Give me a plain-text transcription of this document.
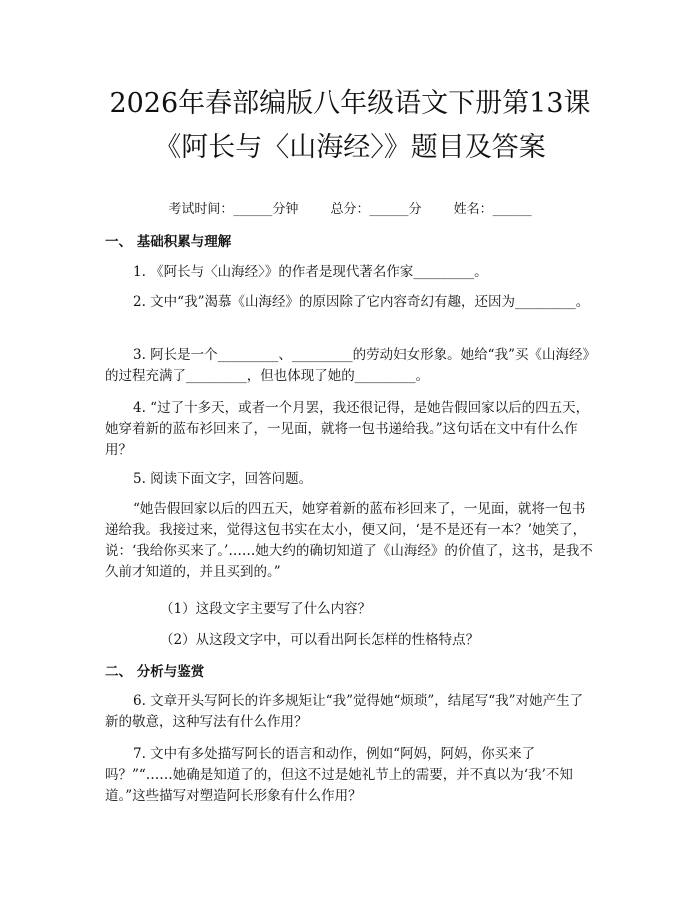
2026年春部编版八年级语文下册第13课
《阿长与〈山海经〉》题目及答案
考试时间：______分钟 总分：______分 姓名：______
一、 基础积累与理解

1. 《阿长与〈山海经〉》的作者是现代著名作家_________。

2. 文中“我”渴慕《山海经》的原因除了它内容奇幻有趣，还因为_________。

3. 阿长是一个_________、_________的劳动妇女形象。她给“我”买《山海经》的过程充满了_________，但也体现了她的_________。

4. “过了十多天，或者一个月罢，我还很记得，是她告假回家以后的四五天，她穿着新的蓝布衫回来了，一见面，就将一包书递给我。”这句话在文中有什么作用？

5. 阅读下面文字，回答问题。

“她告假回家以后的四五天，她穿着新的蓝布衫回来了，一见面，就将一包书递给我。我接过来，觉得这包书实在太小，便又问，‘是不是还有一本？’她笑了，说：‘我给你买来了。’……她大约的确切知道了《山海经》的价值了，这书，是我不久前才知道的，并且买到的。”

（1）这段文字主要写了什么内容？

（2）从这段文字中，可以看出阿长怎样的性格特点？

二、 分析与鉴赏

6. 文章开头写阿长的许多规矩让“我”觉得她“烦琐”，结尾写“我”对她产生了新的敬意，这种写法有什么作用？

7. 文中有多处描写阿长的语言和动作，例如“阿妈，阿妈，你买来了吗？”“……她确是知道了的，但这不过是她礼节上的需要，并不真以为‘我’不知道。”这些描写对塑造阿长形象有什么作用？
